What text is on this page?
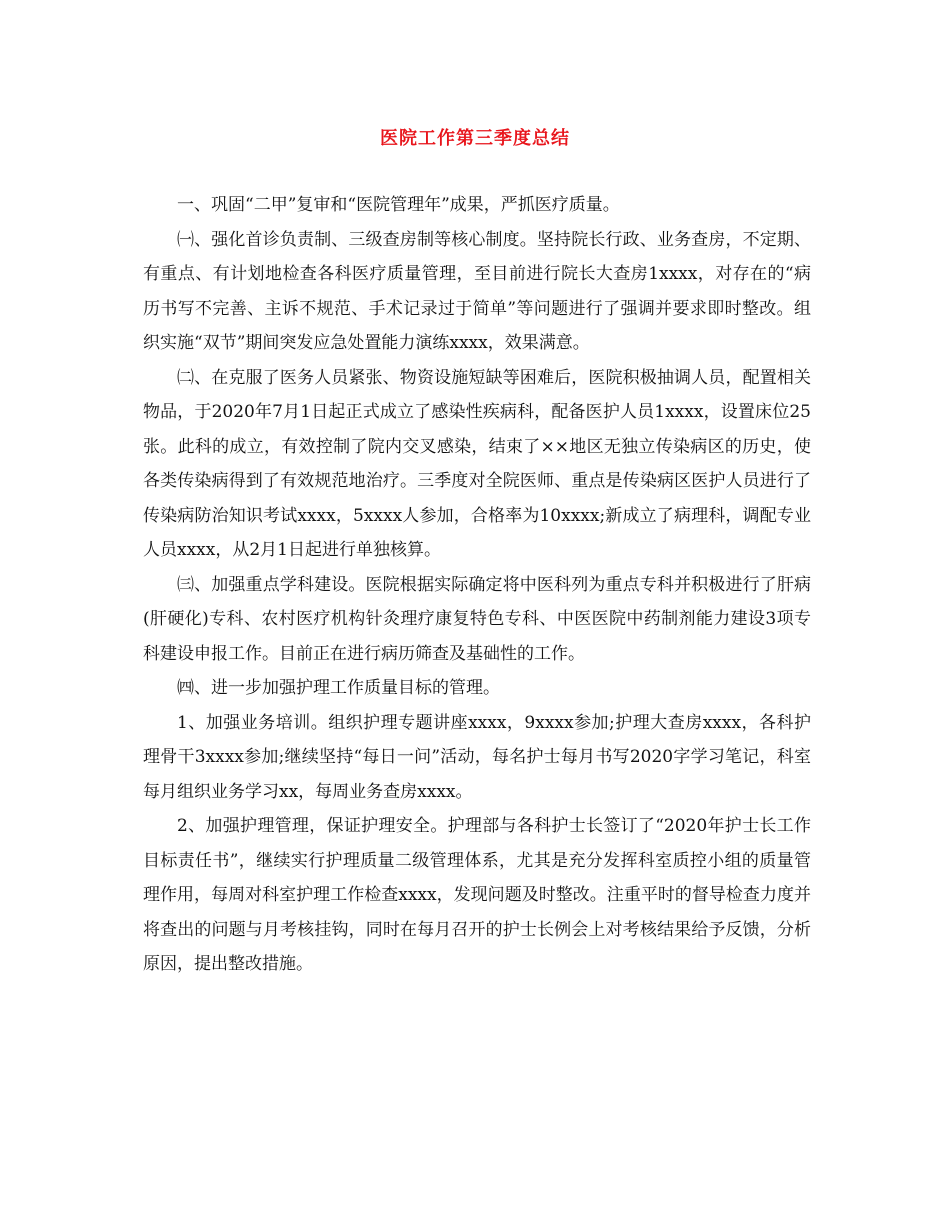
医院工作第三季度总结

一、巩固“二甲”复审和“医院管理年”成果，严抓医疗质量。

㈠、强化首诊负责制、三级查房制等核心制度。坚持院长行政、业务查房，不定期、有重点、有计划地检查各科医疗质量管理，至目前进行院长大查房1xxxx，对存在的“病历书写不完善、主诉不规范、手术记录过于简单”等问题进行了强调并要求即时整改。组织实施“双节”期间突发应急处置能力演练xxxx，效果满意。

㈡、在克服了医务人员紧张、物资设施短缺等困难后，医院积极抽调人员，配置相关物品，于2020年7月1日起正式成立了感染性疾病科，配备医护人员1xxxx，设置床位25张。此科的成立，有效控制了院内交叉感染，结束了××地区无独立传染病区的历史，使各类传染病得到了有效规范地治疗。三季度对全院医师、重点是传染病区医护人员进行了传染病防治知识考试xxxx，5xxxx人参加，合格率为10xxxx;新成立了病理科，调配专业人员xxxx，从2月1日起进行单独核算。

㈢、加强重点学科建设。医院根据实际确定将中医科列为重点专科并积极进行了肝病(肝硬化)专科、农村医疗机构针灸理疗康复特色专科、中医医院中药制剂能力建设3项专科建设申报工作。目前正在进行病历筛查及基础性的工作。

㈣、进一步加强护理工作质量目标的管理。

1、加强业务培训。组织护理专题讲座xxxx，9xxxx参加;护理大查房xxxx，各科护理骨干3xxxx参加;继续坚持“每日一问”活动，每名护士每月书写2020字学习笔记，科室每月组织业务学习xx，每周业务查房xxxx。

2、加强护理管理，保证护理安全。护理部与各科护士长签订了“2020年护士长工作目标责任书”，继续实行护理质量二级管理体系，尤其是充分发挥科室质控小组的质量管理作用，每周对科室护理工作检查xxxx，发现问题及时整改。注重平时的督导检查力度并将查出的问题与月考核挂钩，同时在每月召开的护士长例会上对考核结果给予反馈，分析原因，提出整改措施。
